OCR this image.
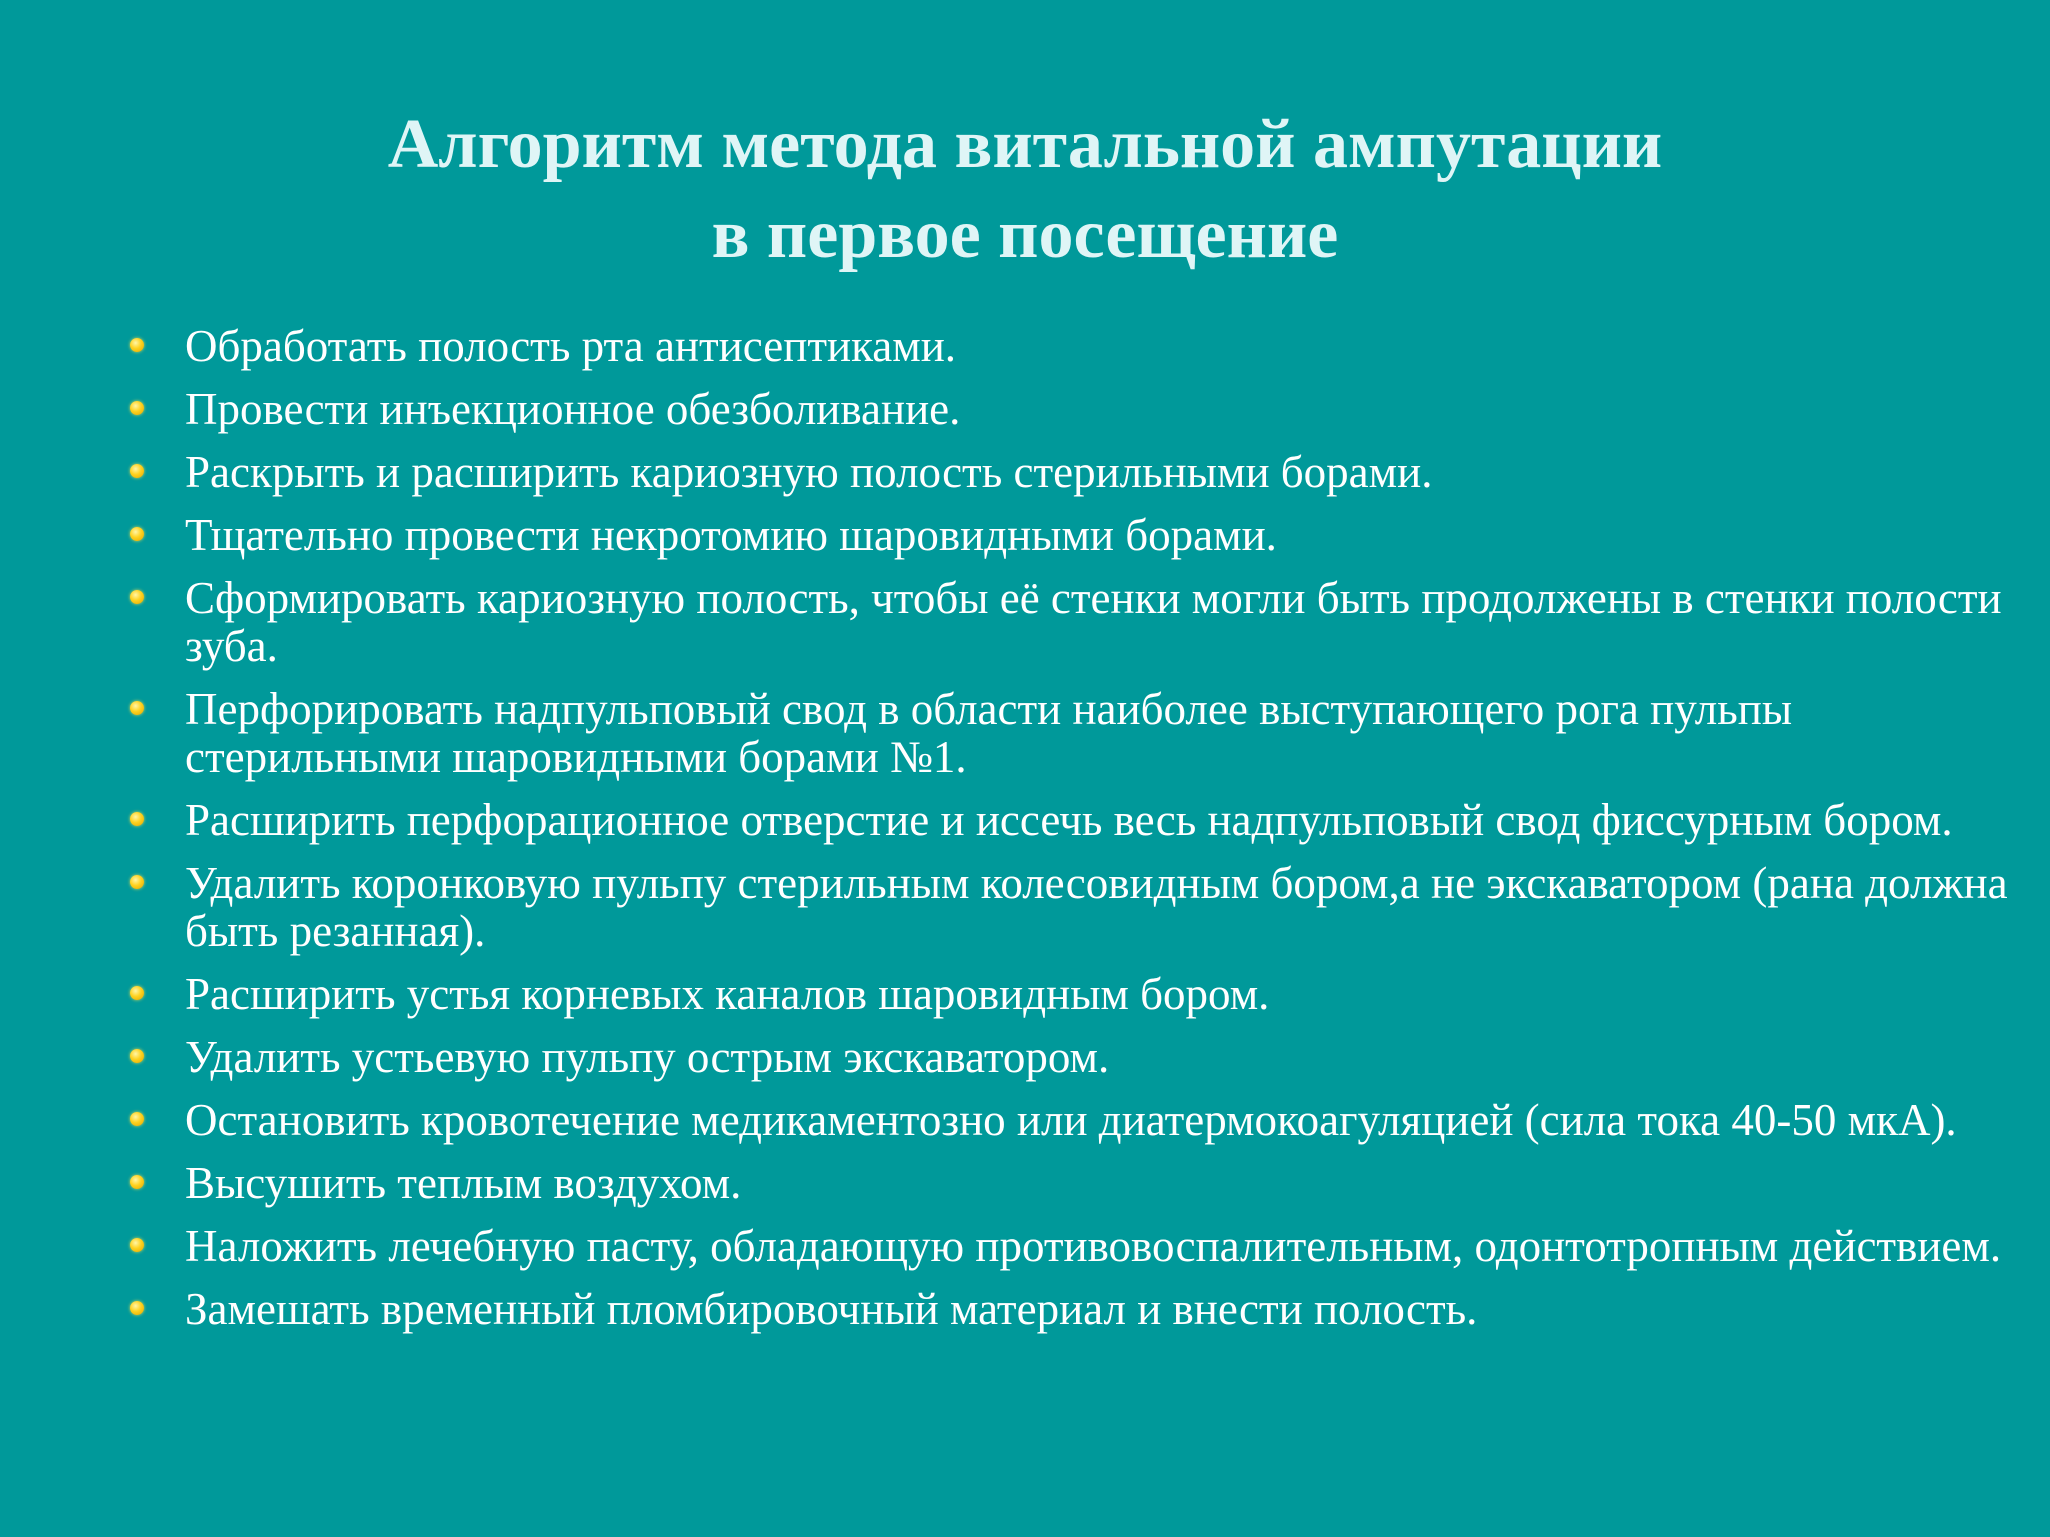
Алгоритм метода витальной ампутации
в первое посещение
Обработать полость рта антисептиками.
Провести инъекционное обезболивание.
Раскрыть и расширить кариозную полость стерильными борами.
Тщательно провести некротомию шаровидными борами.
Сформировать кариозную полость, чтобы её стенки могли быть продолжены в стенки полости зуба.
Перфорировать надпульповый свод в области наиболее выступающего рога пульпы стерильными шаровидными борами №1.
Расширить перфорационное отверстие и иссечь весь надпульповый свод фиссурным бором.
Удалить коронковую пульпу стерильным колесовидным бором,а не экскаватором (рана должна быть резанная).
Расширить устья корневых каналов шаровидным бором.
Удалить устьевую пульпу острым экскаватором.
Остановить кровотечение медикаментозно или диатермокоагуляцией (сила тока 40-50 мкА).
Высушить теплым воздухом.
Наложить лечебную пасту, обладающую противовоспалительным, одонтотропным действием.
Замешать временный пломбировочный материал и внести полость.
